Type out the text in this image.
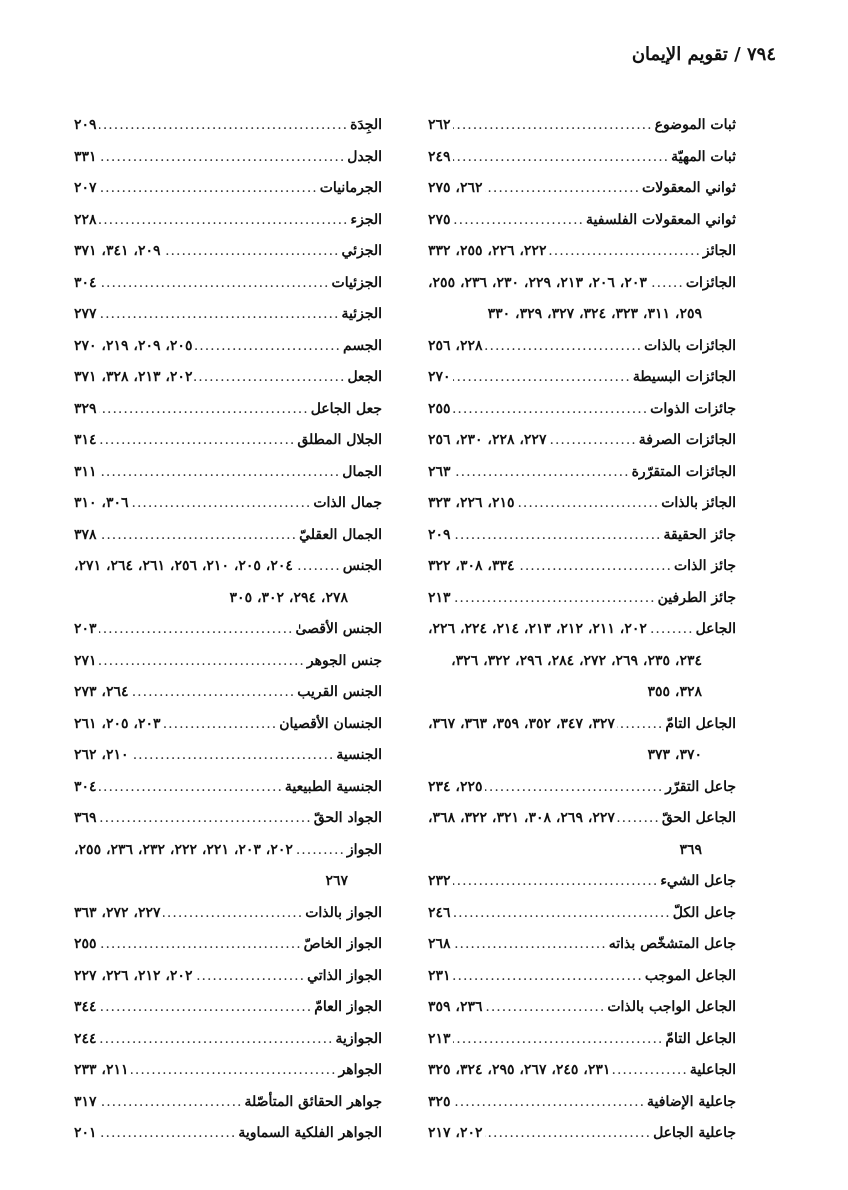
٧٩٤ / تقويم الإيمان
ثبات الموضوع
.....
٢٦٢
ثبات المهيّة
.....
٢٤٩
ثواني المعقولات
.....
٢٦٢، ٢٧٥
ثواني المعقولات الفلسفية
.....
٢٧٥
الجائز
.....
٢٢٢، ٢٢٦، ٢٥٥، ٣٣٢
الجائزات
.....
٢٠٣، ٢٠٦، ٢١٣، ٢٢٩، ٢٣٠، ٢٣٦، ٢٥٥،
٢٥٩، ٣١١، ٣٢٣، ٣٢٤، ٣٢٧، ٣٢٩، ٣٣٠
الجائزات بالذات
.....
٢٢٨، ٢٥٦
الجائزات البسيطة
.....
٢٧٠
جائزات الذوات
.....
٢٥٥
الجائزات الصرفة
.....
٢٢٧، ٢٢٨، ٢٣٠، ٢٥٦
الجائزات المتقرّرة
.....
٢٦٣
الجائز بالذات
.....
٢١٥، ٢٢٦، ٣٢٣
جائز الحقيقة
.....
٢٠٩
جائز الذات
.....
٣٣٤، ٣٠٨، ٣٢٢
جائز الطرفين
.....
٢١٣
الجاعل
.....
٢٠٢، ٢١١، ٢١٢، ٢١٣، ٢١٤، ٢٢٤، ٢٢٦،
٢٣٤، ٢٣٥، ٢٦٩، ٢٧٢، ٢٨٤، ٢٩٦، ٣٢٢، ٣٢٦،
٣٢٨، ٣٥٥
الجاعل التامّ
.....
٣٢٧، ٣٤٧، ٣٥٢، ٣٥٩، ٣٦٣، ٣٦٧،
٣٧٠، ٣٧٣
جاعل التقرّر
.....
٢٢٥، ٢٣٤
الجاعل الحقّ
.....
٢٢٧، ٢٦٩، ٣٠٨، ٣٢١، ٣٢٢، ٣٦٨،
٣٦٩
جاعل الشيء
.....
٢٣٢
جاعل الكلّ
.....
٢٤٦
جاعل المتشخّص بذاته
.....
٢٦٨
الجاعل الموجب
.....
٢٣١
الجاعل الواجب بالذات
.....
٢٣٦، ٣٥٩
الجاعل التامّ
.....
٢١٣
الجاعلية
.....
٢٣١، ٢٤٥، ٢٦٧، ٢٩٥، ٣٢٤، ٣٢٥
جاعلية الإضافية
.....
٣٢٥
جاعلية الجاعل
.....
٢٠٢، ٢١٧
الجِدَة
.....
٢٠٩
الجدل
.....
٣٣١
الجرمانيات
.....
٢٠٧
الجزء
.....
٢٢٨
الجزئي
.....
٢٠٩، ٣٤١، ٣٧١
الجزئيات
.....
٣٠٤
الجزئية
.....
٢٧٧
الجسم
.....
٢٠٥، ٢٠٩، ٢١٩، ٢٧٠
الجعل
.....
٢٠٢، ٢١٣، ٣٢٨، ٣٧١
جعل الجاعل
.....
٣٢٩
الجلال المطلق
.....
٣١٤
الجمال
.....
٣١١
جمال الذات
.....
٣٠٦، ٣١٠
الجمال العقليّ
.....
٣٧٨
الجنس
.....
٢٠٤، ٢٠٥، ٢١٠، ٢٥٦، ٢٦١، ٢٦٤، ٢٧١،
٢٧٨، ٢٩٤، ٣٠٢، ٣٠٥
الجنس الأقصىٰ
.....
٢٠٣
جنس الجوهر
.....
٢٧١
الجنس القريب
.....
٢٦٤، ٢٧٣
الجنسان الأقصيان
.....
٢٠٣، ٢٠٥، ٢٦١
الجنسية
.....
٢١٠، ٢٦٢
الجنسية الطبيعية
.....
٣٠٤
الجواد الحقّ
.....
٣٦٩
الجواز
.....
٢٠٢، ٢٠٣، ٢٢١، ٢٢٢، ٢٣٢، ٢٣٦، ٢٥٥،
٢٦٧
الجواز بالذات
.....
٢٢٧، ٢٧٢، ٣٦٣
الجواز الخاصّ
.....
٢٥٥
الجواز الذاتي
.....
٢٠٢، ٢١٢، ٢٢٦، ٢٢٧
الجواز العامّ
.....
٣٤٤
الجوازية
.....
٢٤٤
الجواهر
.....
٢١١، ٢٣٣
جواهر الحقائق المتأصّلة
.....
٣١٧
الجواهر الفلكية السماوية
.....
٢٠١
